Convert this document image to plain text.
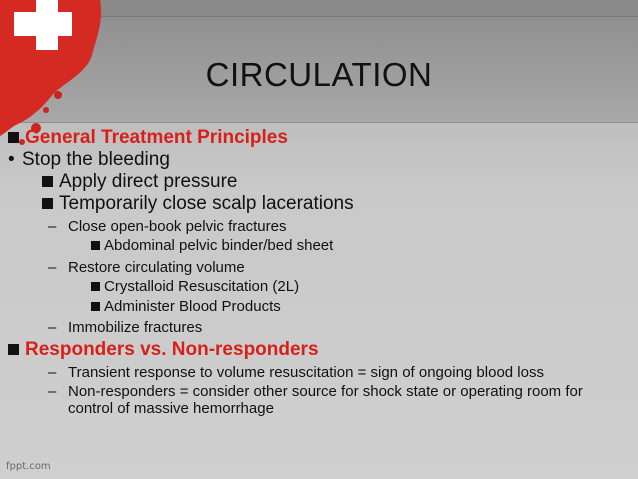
CIRCULATION
General Treatment Principles
• Stop the bleeding
Apply direct pressure
Temporarily close scalp lacerations
– Close open-book pelvic fractures
Abdominal pelvic binder/bed sheet
– Restore circulating volume
Crystalloid Resuscitation (2L)
Administer Blood Products
– Immobilize fractures
Responders vs. Non-responders
– Transient response to volume resuscitation = sign of ongoing blood loss
– Non-responders = consider other source for shock state or operating room for control of massive hemorrhage
fppt.com
